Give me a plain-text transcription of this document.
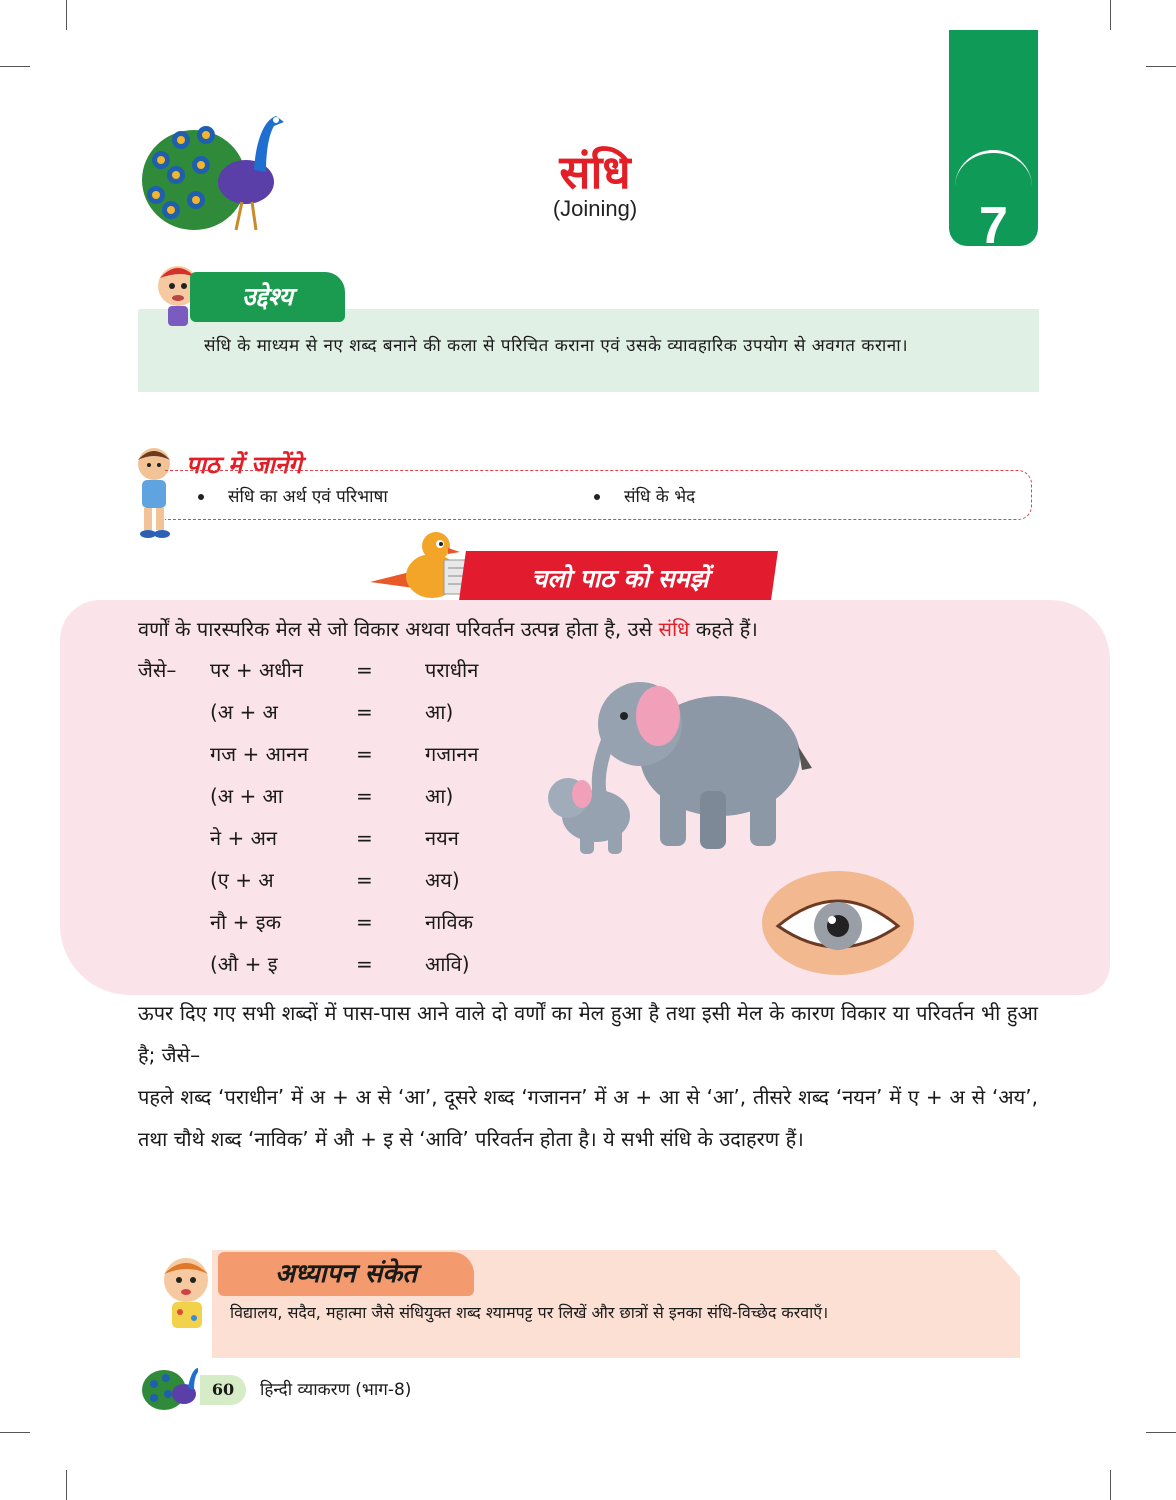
7
संधि
(Joining)
उद्देश्य
संधि के माध्यम से नए शब्द बनाने की कला से परिचित कराना एवं उसके व्यावहारिक उपयोग से अवगत कराना।
पाठ में जानेंगे
संधि का अर्थ एवं परिभाषा	संधि के भेद
चलो पाठ को समझें
वर्णों के पारस्परिक मेल से जो विकार अथवा परिवर्तन उत्पन्न होता है, उसे संधि कहते हैं।
जैसे– पर + अधीन	=	पराधीन
(अ + अ	=	आ)
गज + आनन =	गजानन
(अ + आ	=	आ)
ने + अन	=	नयन
(ए + अ	=	अय)
नौ + इक	=	नाविक
(औ + इ	=	आवि)
ऊपर दिए गए सभी शब्दों में पास-पास आने वाले दो वर्णों का मेल हुआ है तथा इसी मेल के कारण विकार या परिवर्तन भी हुआ है; जैसे–
पहले शब्द ‘पराधीन’ में अ + अ से ‘आ’, दूसरे शब्द ‘गजानन’ में अ + आ से ‘आ’, तीसरे शब्द ‘नयन’ में ए + अ से ‘अय’, तथा चौथे शब्द ‘नाविक’ में औ + इ से ‘आवि’ परिवर्तन होता है। ये सभी संधि के उदाहरण हैं।
अध्यापन संकेत
विद्यालय, सदैव, महात्मा जैसे संधियुक्त शब्द श्यामपट्ट पर लिखें और छात्रों से इनका संधि-विच्छेद करवाएँ।
60	हिन्दी व्याकरण (भाग-8)
